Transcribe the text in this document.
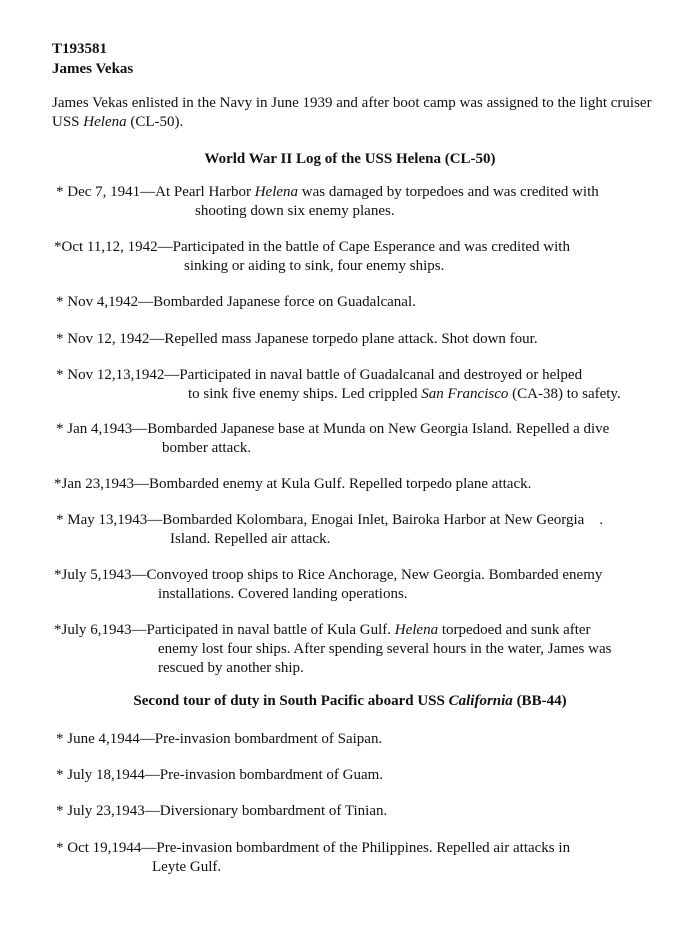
T193581
James Vekas
James Vekas enlisted in the Navy in June 1939 and after boot camp was assigned to the light cruiser USS Helena (CL-50).
World War II Log of the USS Helena (CL-50)
* Dec 7, 1941—At Pearl Harbor Helena was damaged by torpedoes and was credited with
shooting down six enemy planes.
*Oct 11,12, 1942—Participated in the battle of Cape Esperance and was credited with
sinking or aiding to sink, four enemy ships.
* Nov 4,1942—Bombarded Japanese force on Guadalcanal.
* Nov 12, 1942—Repelled mass Japanese torpedo plane attack. Shot down four.
* Nov 12,13,1942—Participated in naval battle of Guadalcanal and destroyed or helped
to sink five enemy ships. Led crippled San Francisco (CA-38) to safety.
* Jan 4,1943—Bombarded Japanese base at Munda on New Georgia Island. Repelled a dive
bomber attack.
*Jan 23,1943—Bombarded enemy at Kula Gulf. Repelled torpedo plane attack.
* May 13,1943—Bombarded Kolombara, Enogai Inlet, Bairoka Harbor at New Georgia    .
Island. Repelled air attack.
*July 5,1943—Convoyed troop ships to Rice Anchorage, New Georgia. Bombarded enemy
installations. Covered landing operations.
*July 6,1943—Participated in naval battle of Kula Gulf. Helena torpedoed and sunk after
enemy lost four ships. After spending several hours in the water, James was
rescued by another ship.
Second tour of duty in South Pacific aboard USS California (BB-44)
* June 4,1944—Pre-invasion bombardment of Saipan.
* July 18,1944—Pre-invasion bombardment of Guam.
* July 23,1943—Diversionary bombardment of Tinian.
* Oct 19,1944—Pre-invasion bombardment of the Philippines. Repelled air attacks in
Leyte Gulf.
